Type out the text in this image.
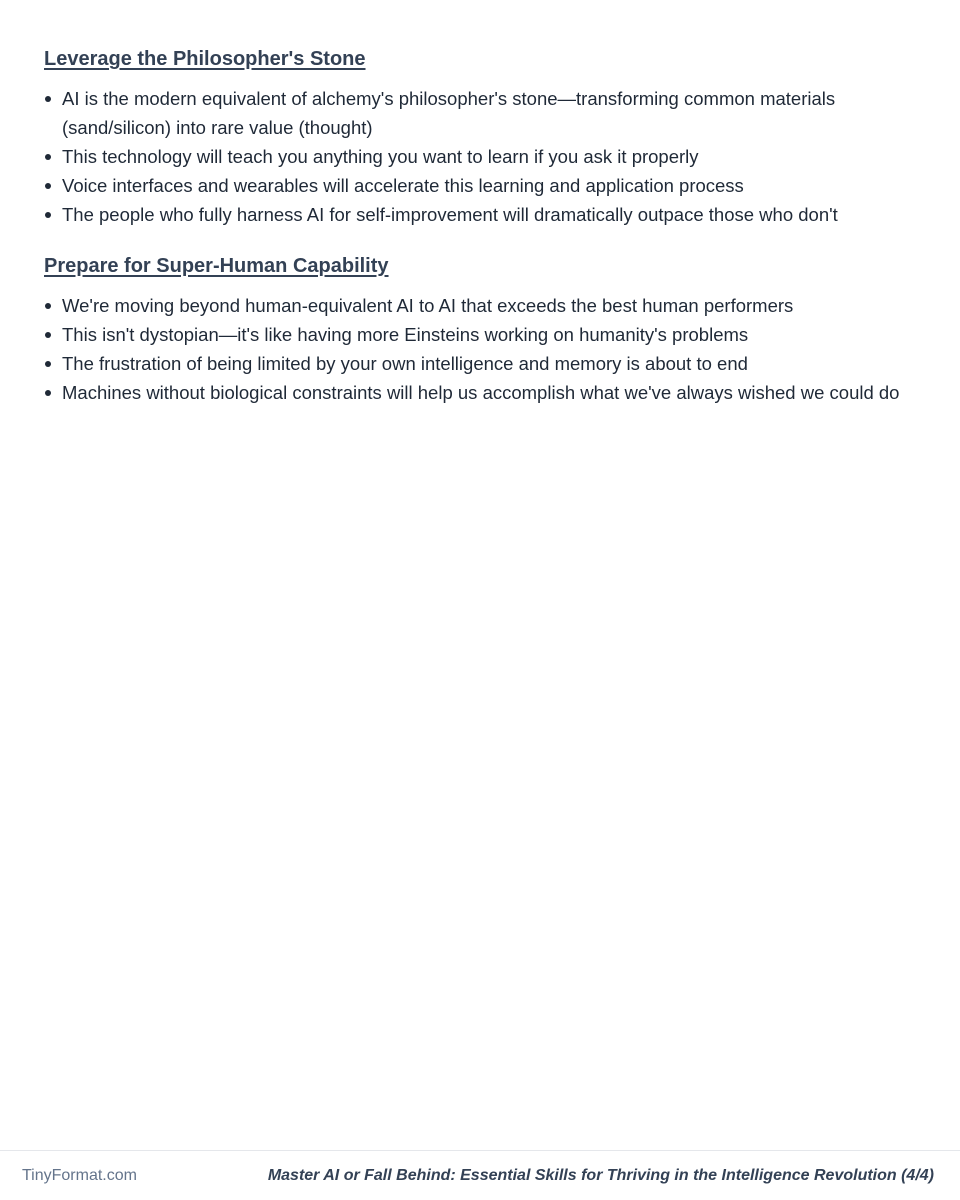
Leverage the Philosopher's Stone
AI is the modern equivalent of alchemy's philosopher's stone—transforming common materials (sand/silicon) into rare value (thought)
This technology will teach you anything you want to learn if you ask it properly
Voice interfaces and wearables will accelerate this learning and application process
The people who fully harness AI for self-improvement will dramatically outpace those who don't
Prepare for Super-Human Capability
We're moving beyond human-equivalent AI to AI that exceeds the best human performers
This isn't dystopian—it's like having more Einsteins working on humanity's problems
The frustration of being limited by your own intelligence and memory is about to end
Machines without biological constraints will help us accomplish what we've always wished we could do
TinyFormat.com	Master AI or Fall Behind: Essential Skills for Thriving in the Intelligence Revolution (4/4)
